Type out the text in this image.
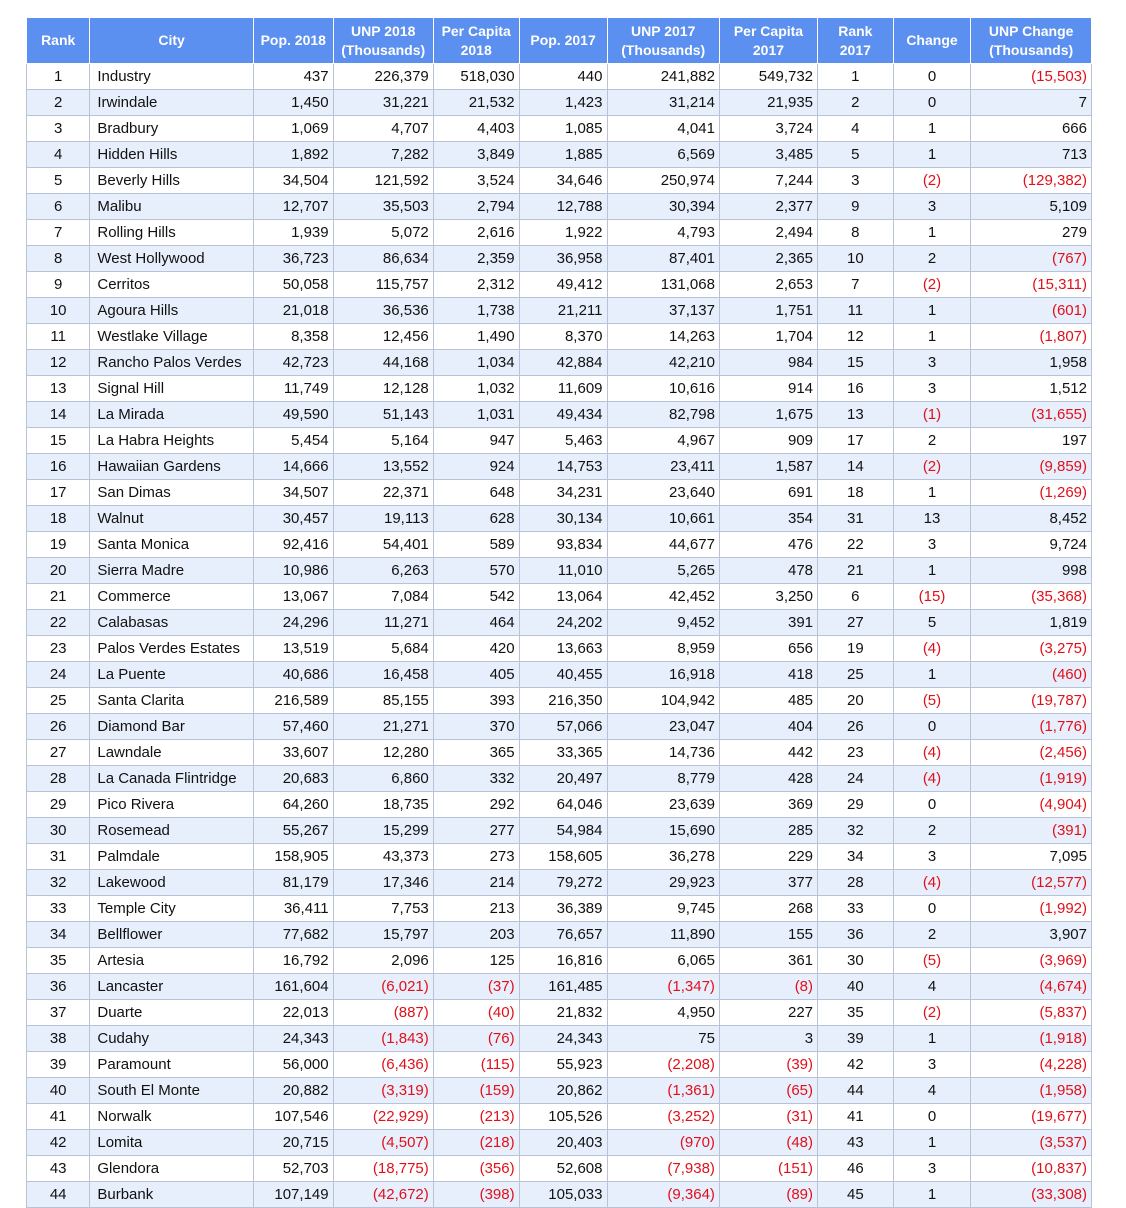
Rank	City	Pop. 2018	UNP 2018 (Thousands)	Per Capita 2018	Pop. 2017	UNP 2017 (Thousands)	Per Capita 2017	Rank 2017	Change	UNP Change (Thousands)
1	Industry	437	226,379	518,030	440	241,882	549,732	1	0	(15,503)
2	Irwindale	1,450	31,221	21,532	1,423	31,214	21,935	2	0	7
3	Bradbury	1,069	4,707	4,403	1,085	4,041	3,724	4	1	666
4	Hidden Hills	1,892	7,282	3,849	1,885	6,569	3,485	5	1	713
5	Beverly Hills	34,504	121,592	3,524	34,646	250,974	7,244	3	(2)	(129,382)
6	Malibu	12,707	35,503	2,794	12,788	30,394	2,377	9	3	5,109
7	Rolling Hills	1,939	5,072	2,616	1,922	4,793	2,494	8	1	279
8	West Hollywood	36,723	86,634	2,359	36,958	87,401	2,365	10	2	(767)
9	Cerritos	50,058	115,757	2,312	49,412	131,068	2,653	7	(2)	(15,311)
10	Agoura Hills	21,018	36,536	1,738	21,211	37,137	1,751	11	1	(601)
11	Westlake Village	8,358	12,456	1,490	8,370	14,263	1,704	12	1	(1,807)
12	Rancho Palos Verdes	42,723	44,168	1,034	42,884	42,210	984	15	3	1,958
13	Signal Hill	11,749	12,128	1,032	11,609	10,616	914	16	3	1,512
14	La Mirada	49,590	51,143	1,031	49,434	82,798	1,675	13	(1)	(31,655)
15	La Habra Heights	5,454	5,164	947	5,463	4,967	909	17	2	197
16	Hawaiian Gardens	14,666	13,552	924	14,753	23,411	1,587	14	(2)	(9,859)
17	San Dimas	34,507	22,371	648	34,231	23,640	691	18	1	(1,269)
18	Walnut	30,457	19,113	628	30,134	10,661	354	31	13	8,452
19	Santa Monica	92,416	54,401	589	93,834	44,677	476	22	3	9,724
20	Sierra Madre	10,986	6,263	570	11,010	5,265	478	21	1	998
21	Commerce	13,067	7,084	542	13,064	42,452	3,250	6	(15)	(35,368)
22	Calabasas	24,296	11,271	464	24,202	9,452	391	27	5	1,819
23	Palos Verdes Estates	13,519	5,684	420	13,663	8,959	656	19	(4)	(3,275)
24	La Puente	40,686	16,458	405	40,455	16,918	418	25	1	(460)
25	Santa Clarita	216,589	85,155	393	216,350	104,942	485	20	(5)	(19,787)
26	Diamond Bar	57,460	21,271	370	57,066	23,047	404	26	0	(1,776)
27	Lawndale	33,607	12,280	365	33,365	14,736	442	23	(4)	(2,456)
28	La Canada Flintridge	20,683	6,860	332	20,497	8,779	428	24	(4)	(1,919)
29	Pico Rivera	64,260	18,735	292	64,046	23,639	369	29	0	(4,904)
30	Rosemead	55,267	15,299	277	54,984	15,690	285	32	2	(391)
31	Palmdale	158,905	43,373	273	158,605	36,278	229	34	3	7,095
32	Lakewood	81,179	17,346	214	79,272	29,923	377	28	(4)	(12,577)
33	Temple City	36,411	7,753	213	36,389	9,745	268	33	0	(1,992)
34	Bellflower	77,682	15,797	203	76,657	11,890	155	36	2	3,907
35	Artesia	16,792	2,096	125	16,816	6,065	361	30	(5)	(3,969)
36	Lancaster	161,604	(6,021)	(37)	161,485	(1,347)	(8)	40	4	(4,674)
37	Duarte	22,013	(887)	(40)	21,832	4,950	227	35	(2)	(5,837)
38	Cudahy	24,343	(1,843)	(76)	24,343	75	3	39	1	(1,918)
39	Paramount	56,000	(6,436)	(115)	55,923	(2,208)	(39)	42	3	(4,228)
40	South El Monte	20,882	(3,319)	(159)	20,862	(1,361)	(65)	44	4	(1,958)
41	Norwalk	107,546	(22,929)	(213)	105,526	(3,252)	(31)	41	0	(19,677)
42	Lomita	20,715	(4,507)	(218)	20,403	(970)	(48)	43	1	(3,537)
43	Glendora	52,703	(18,775)	(356)	52,608	(7,938)	(151)	46	3	(10,837)
44	Burbank	107,149	(42,672)	(398)	105,033	(9,364)	(89)	45	1	(33,308)
